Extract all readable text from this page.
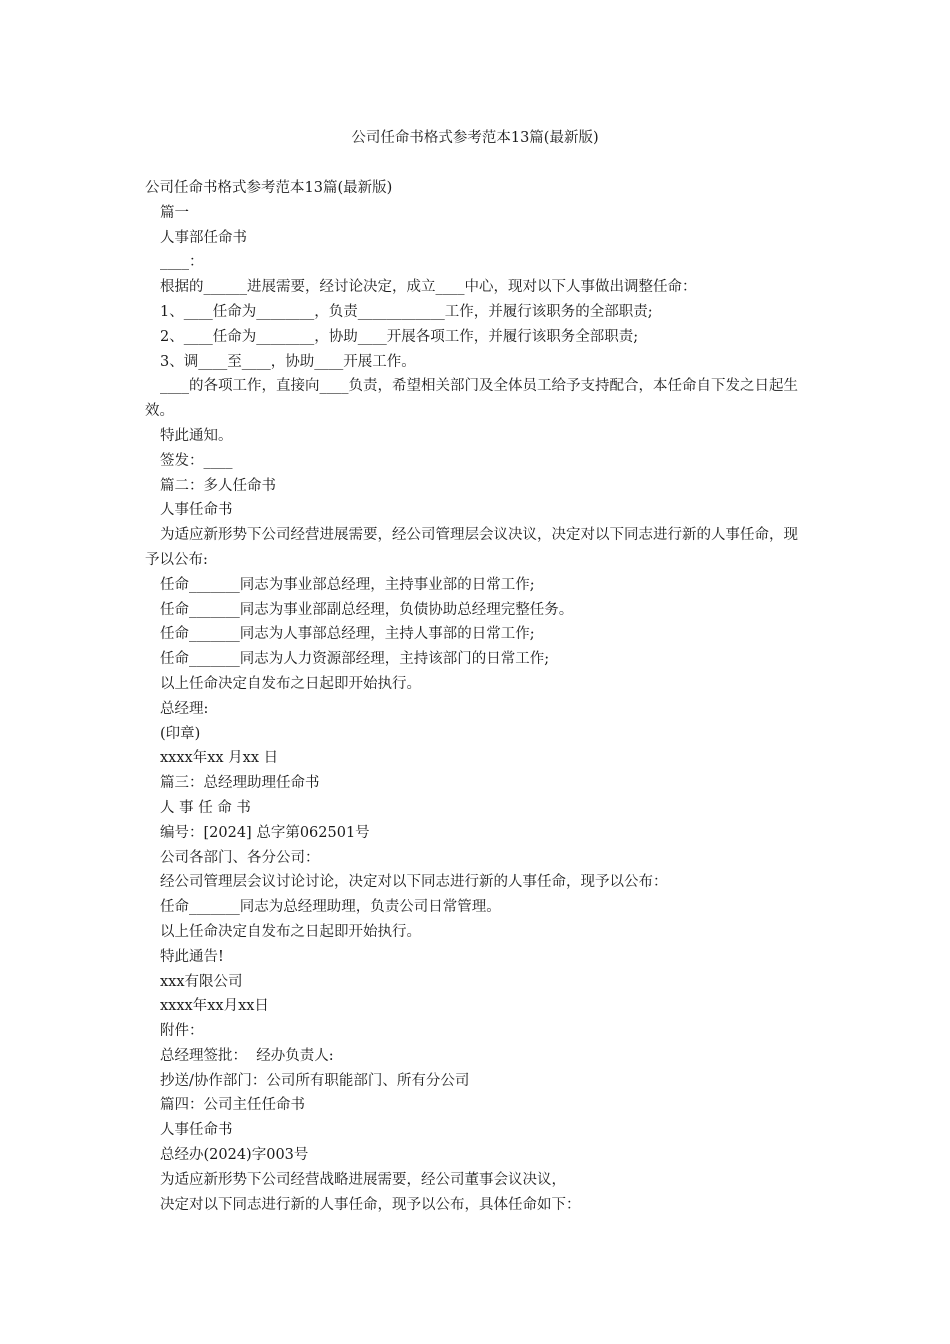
公司任命书格式参考范本13篇(最新版)
公司任命书格式参考范本13篇(最新版)
篇一
人事部任命书
____：
根据的______进展需要，经讨论决定，成立____中心，现对以下人事做出调整任命：
1、____任命为________，负责____________工作，并履行该职务的全部职责;
2、____任命为________，协助____开展各项工作，并履行该职务全部职责;
3、调____至____，协助____开展工作。
____的各项工作，直接向____负责，希望相关部门及全体员工给予支持配合，本任命自下发之日起生效。
特此通知。
签发：____
篇二：多人任命书
人事任命书
为适应新形势下公司经营进展需要，经公司管理层会议决议，决定对以下同志进行新的人事任命，现予以公布:
任命_______同志为事业部总经理，主持事业部的日常工作;
任命_______同志为事业部副总经理，负债协助总经理完整任务。
任命_______同志为人事部总经理，主持人事部的日常工作;
任命_______同志为人力资源部经理，主持该部门的日常工作;
以上任命决定自发布之日起即开始执行。
总经理:
(印章)
xxxx年xx 月xx 日
篇三：总经理助理任命书
人 事 任 命 书
编号：[2024] 总字第062501号
公司各部门、各分公司：
经公司管理层会议讨论讨论，决定对以下同志进行新的人事任命，现予以公布：
任命_______同志为总经理助理，负责公司日常管理。
以上任命决定自发布之日起即开始执行。
特此通告!
xxx有限公司
xxxx年xx月xx日
附件：
总经理签批：  经办负责人:
抄送/协作部门：公司所有职能部门、所有分公司
篇四：公司主任任命书
人事任命书
总经办(2024)字003号
为适应新形势下公司经营战略进展需要，经公司董事会议决议，
决定对以下同志进行新的人事任命，现予以公布，具体任命如下：
